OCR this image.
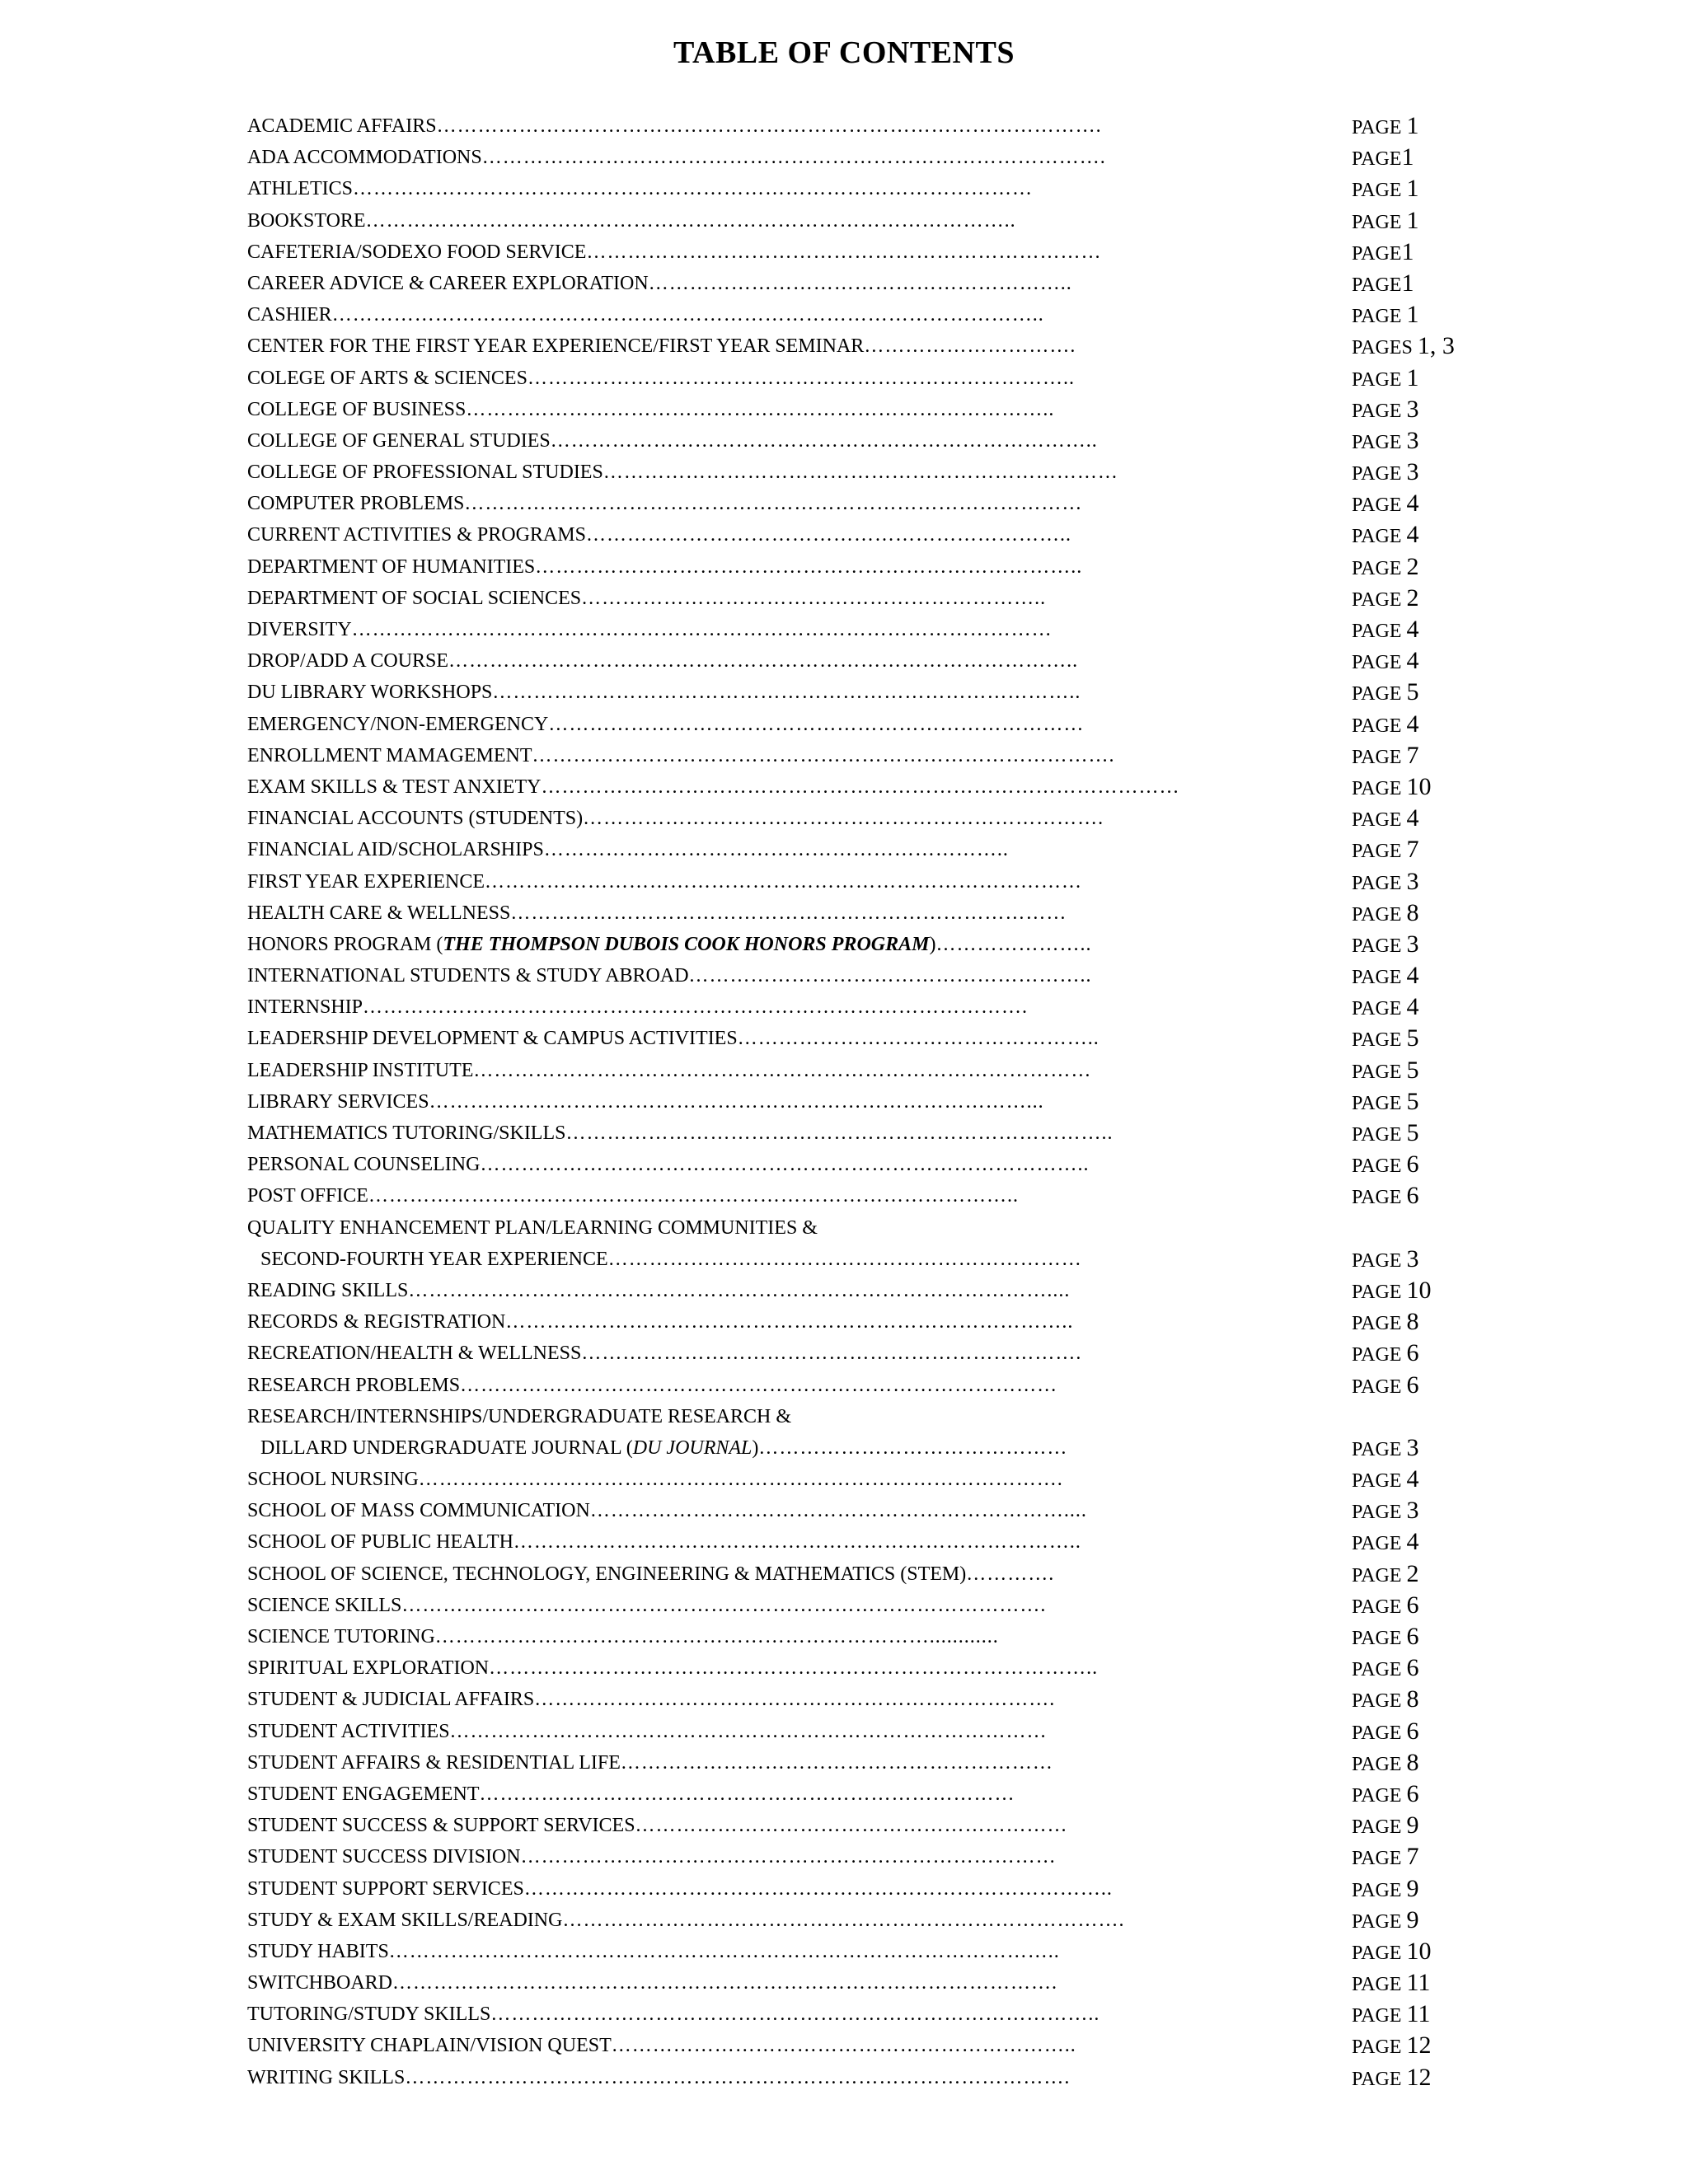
TABLE OF CONTENTS
ACADEMIC AFFAIRS…………………………………………………………………………………….	PAGE 1
ADA ACCOMMODATIONS……………………………………………………………………………….	PAGE1
ATHLETICS………………………………………………………………………………………	PAGE 1
BOOKSTORE…………………………………………………………………………………..	PAGE 1
CAFETERIA/SODEXO FOOD SERVICE…………………………………………………………………	PAGE1
CAREER ADVICE & CAREER EXPLORATION……………………………………………………..	PAGE1
CASHIER…………………………………………………………………………………………..	PAGE 1
CENTER FOR THE FIRST YEAR EXPERIENCE/FIRST YEAR SEMINAR………………………….	PAGES 1, 3
COLEGE OF ARTS & SCIENCES……………………………………………………………………..	PAGE 1
COLLEGE OF BUSINESS…………………………………………………………………………..	PAGE 3
COLLEGE OF GENERAL STUDIES……………………………………………………………………..	PAGE 3
COLLEGE OF PROFESSIONAL STUDIES…………………………………………………………………	PAGE 3
COMPUTER PROBLEMS………………………………………………………………………………	PAGE 4
CURRENT ACTIVITIES & PROGRAMS……………………………………………………………..	PAGE 4
DEPARTMENT OF HUMANITIES……………………………………………………………………..	PAGE 2
DEPARTMENT OF SOCIAL SCIENCES…………………………………………………………..	PAGE 2
DIVERSITY…………………………………………………………………………………………	PAGE 4
DROP/ADD A COURSE………………………………………………………………………………..	PAGE 4
DU LIBRARY WORKSHOPS…………………………………………………………………………..	PAGE 5
EMERGENCY/NON-EMERGENCY……………………………………………………………………	PAGE 4
ENROLLMENT MAMAGEMENT………………………………………………………………………….	PAGE 7
EXAM SKILLS & TEST ANXIETY…………………………………………………………………………………	PAGE 10
FINANCIAL ACCOUNTS (STUDENTS)………………………………………………………………….	PAGE 4
FINANCIAL AID/SCHOLARSHIPS…………………………………………………………..	PAGE 7
FIRST YEAR EXPERIENCE……………………………………………………………………………	PAGE 3
HEALTH CARE & WELLNESS………………………………………………………………………	PAGE 8
HONORS PROGRAM (THE THOMPSON DUBOIS COOK HONORS PROGRAM)…………………..	PAGE 3
INTERNATIONAL STUDENTS & STUDY ABROAD…………………………………………………..	PAGE 4
INTERNSHIP…………………………………………………………………………………….	PAGE 4
LEADERSHIP DEVELOPMENT & CAMPUS ACTIVITIES……………………………………………..	PAGE 5
LEADERSHIP INSTITUTE………………………………………………………………………………	PAGE 5
LIBRARY SERVICES……………………………………………………………………………...	PAGE 5
MATHEMATICS TUTORING/SKILLS……………………………………………………………………..	PAGE 5
PERSONAL COUNSELING……………………………………………………………………………..	PAGE 6
POST OFFICE…………………………………………………………………………………..	PAGE 6
QUALITY ENHANCEMENT PLAN/LEARNING COMMUNITIES &
SECOND-FOURTH YEAR EXPERIENCE……………………………………………………………	PAGE 3
READING SKILLS…………………………………………………………………………………....	PAGE 10
RECORDS & REGISTRATION………………………………………………………………………..	PAGE 8
RECREATION/HEALTH & WELLNESS……………………………………………………………….	PAGE 6
RESEARCH PROBLEMS……………………………………………………………………………	PAGE 6
RESEARCH/INTERNSHIPS/UNDERGRADUATE RESEARCH &
DILLARD UNDERGRADUATE JOURNAL (DU JOURNAL)………………………………………	PAGE 3
SCHOOL NURSING………………………………………………………………………………….	PAGE 4
SCHOOL OF MASS COMMUNICATION……………………………………………………………....	PAGE 3
SCHOOL OF PUBLIC HEALTH………………………………………………………………………..	PAGE 4
SCHOOL OF SCIENCE, TECHNOLOGY, ENGINEERING & MATHEMATICS (STEM)………….	PAGE 2
SCIENCE SKILLS………………………………………………………………………………….	PAGE 6
SCIENCE TUTORING………………………………………………………………............	PAGE 6
SPIRITUAL EXPLORATION……………………………………………………………………………..	PAGE 6
STUDENT & JUDICIAL AFFAIRS………………………………………………………………….	PAGE 8
STUDENT ACTIVITIES……………………………………………………………………………	PAGE 6
STUDENT AFFAIRS & RESIDENTIAL LIFE………………………………………………………	PAGE 8
STUDENT ENGAGEMENT……………………………………………………………………	PAGE 6
STUDENT SUCCESS & SUPPORT SERVICES………………………………………………………	PAGE 9
STUDENT SUCCESS DIVISION……………………………………………………………………	PAGE 7
STUDENT SUPPORT SERVICES…………………………………………………………………………..	PAGE 9
STUDY & EXAM SKILLS/READING……………………………………………………………………….	PAGE 9
STUDY HABITS……………………………………………………………………………………..	PAGE 10
SWITCHBOARD…………………………………………………………………………………….	PAGE 11
TUTORING/STUDY SKILLS……………………………………………………………………………..	PAGE 11
UNIVERSITY CHAPLAIN/VISION QUEST…………………………………………………………..	PAGE 12
WRITING SKILLS…………………………………………………………………………………….	PAGE 12
